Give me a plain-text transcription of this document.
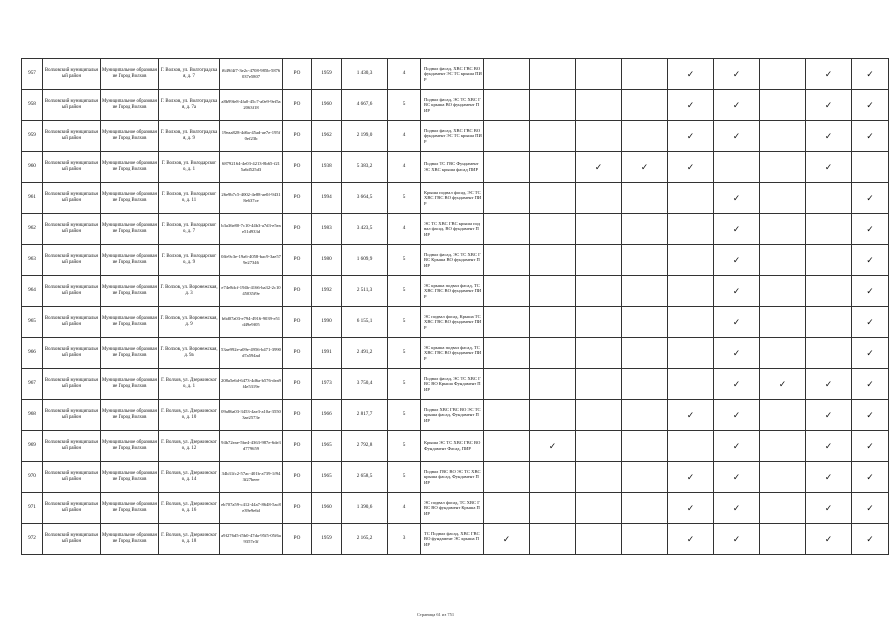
957	Волховский муниципальный район	Муниципальное образование Город Волхов	Г. Волхов, ул. Волгоградская, д. 7	f649f4f7-3e2c-4708-985b-5876037e5807	РО	1959	1 430,3	4	Подвал фасад, ХВС ГВС ВО фундамент ЭС ТС крыша ПИР					✓	✓		✓	✓
958	Волховский муниципальный район	Муниципальное образование Город Волхов	Г. Волхов, ул. Волгоградская, д. 7а	a8b99fe8-4fa0-45c7-a0e9-9ef5a2063f18	РО	1960	4 667,6	5	Подвал фасад, ЭС ТС ХВС ГВС крыша ВО фундамент ПИР					✓	✓		✓	✓
959	Волховский муниципальный район	Муниципальное образование Город Волхов	Г. Волхов, ул. Волгоградская, д. 9	19eaa828-4d6a-45ad-ae7e-195f0ef23b	РО	1962	2 199,0	4	Подвал фасад, ХВС ГВС ВО фундамент ЭС ТС крыша ПИР					✓	✓		✓	✓
960	Волховский муниципальный район	Муниципальное образование Город Волхов	Г. Волхов, ул. Володарского, д. 1	68792164-4e03-4213-8b65-f215a6d525d3	РО	1938	5 383,2	4	Подвал ТС ГВС Фундамент ЭС ХВС крыша фасад ПИР			✓	✓	✓			✓	
961	Волховский муниципальный район	Муниципальное образование Город Волхов	Г. Волхов, ул. Володарского, д. 11	26e9b7c5-4002-4e88-ae0f-94318e637ce	РО	1994	3 664,5	5	Крыша подвал фасад, ЭС ТС ХВС ГВС ВО фундамент ПИР						✓			✓
962	Волховский муниципальный район	Муниципальное образование Город Волхов	Г. Волхов, ул. Володарского, д. 7	b3a36e80-7c10-44b3-a7d3-e5eae51d933d	РО	1983	3 423,5	4	ЭС ТС ХВС ГВС крыша подвал фасад, ВО фундамент ПИР						✓			✓
963	Волховский муниципальный район	Муниципальное образование Город Волхов	Г. Волхов, ул. Володарского, д. 9	0ffe9c3e-19a6-4058-bac9-3ae579e27346	РО	1980	1 609,9	5	Подвал фасад, ЭС ТС ХВС ГВС Крыша ВО фундамент ПИР						✓			✓
964	Волховский муниципальный район	Муниципальное образование Город Волхов	Г. Волхов, ул. Воронежская, д. 3	e74e8dcf-194b-4166-ba32-2c1045035f9e	РО	1992	2 511,3	5	ЭС крыша подвал фасад, ТС ХВС ГВС ВО фундамент ПИР						✓			✓
965	Волховский муниципальный район	Муниципальное образование Город Волхов	Г. Волхов, ул. Воронежская, д. 9	b6d07a03-e794-4916-9039-e51d49e9f05	РО	1990	6 155,1	5	ЭС подвал фасад, Крыша ТС ХВС ГВС ВО фундамент ПИР						✓			✓
966	Волховский муниципальный район	Муниципальное образование Город Волхов	Г. Волхов, ул. Воронежская, д. 9а	53ae992e-a09e-4956-b471-3990d7a594ad	РО	1991	2 491,2	5	ЭС крыша подвал фасад, ТС ХВС ГВС ВО фундамент ПИР						✓			✓
967	Волховский муниципальный район	Муниципальное образование Город Волхов	Г. Волхов, ул. Дзержинского, д. 1	208a5e6d-6473-4d6a-b576-dea9f4e5319e	РО	1973	3 750,4	5	Подвал фасад, ЭС ТС ХВС ГВС ВО Крыша Фундамент ПИР						✓	✓	✓	✓
968	Волховский муниципальный район	Муниципальное образование Город Волхов	Г. Волхов, ул. Дзержинского, д. 10	09a86a03-3453-4ae3-a10a-35503ae2573e	РО	1966	2 817,7	5	Подвал ХВС ГВС ВО ЭС ТС крыша фасад, Фундамент ПИР					✓	✓		✓	✓
969	Волховский муниципальный район	Муниципальное образование Город Волхов	Г. Волхов, ул. Дзержинского, д. 12	94b72eae-5be4-4363-987e-6de3d779659	РО	1965	2 792,8	5	Крыша ЭС ТС ХВС ГВС ВО Фундамент Фасад, ПИР		✓				✓		✓	✓
970	Волховский муниципальный район	Муниципальное образование Город Волхов	Г. Волхов, ул. Дзержинского, д. 14	34b31fc2-57ac-401b-a739-1f943f27beee	РО	1965	2 658,5	5	Подвал ГВС ВО ЭС ТС ХВС крыша фасад, Фундамент ПИР					✓	✓		✓	✓
971	Волховский муниципальный район	Муниципальное образование Город Волхов	Г. Волхов, ул. Дзержинского, д. 16	eb707a59-c412-44a7-8648-5ac8e39e9e6d	РО	1960	1 390,6	4	ЭС подвал фасад, ТС ХВС ГВС ВО фундамент Крыша ПИР					✓	✓		✓	✓
972	Волховский муниципальный район	Муниципальное образование Город Волхов	Г. Волхов, ул. Дзержинского, д. 18	a9f276d5-f5b0-47da-95f5-05f6a9357e3f	РО	1959	2 165,2	3	ТС Подвал фасад, ХВС ГВС ВО фундамент ЭС крыша ПИР	✓				✓	✓		✓	✓
Страница 61 из 751
